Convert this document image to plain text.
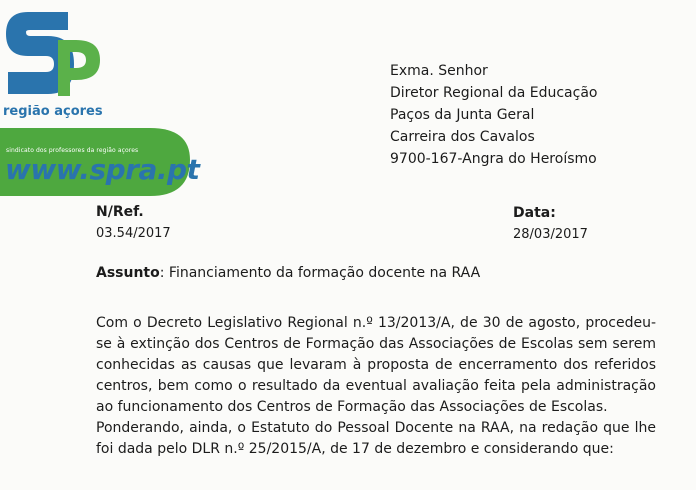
região açores
sindicato dos professores da região açores
www.spra.pt
Exma. Senhor
Diretor Regional da Educação
Paços da Junta Geral
Carreira dos Cavalos
9700-167-Angra do Heroísmo
N/Ref.
03.54/2017
Data:
28/03/2017
Assunto: Financiamento da formação docente na RAA

Com o Decreto Legislativo Regional n.º 13/2013/A, de 30 de agosto, procedeu-se à extinção dos Centros de Formação das Associações de Escolas sem serem conhecidas as causas que levaram à proposta de encerramento dos referidos centros, bem como o resultado da eventual avaliação feita pela administração ao funcionamento dos Centros de Formação das Associações de Escolas.

Ponderando, ainda, o Estatuto do Pessoal Docente na RAA, na redação que lhe foi dada pelo DLR n.º 25/2015/A, de 17 de dezembro e considerando que:
